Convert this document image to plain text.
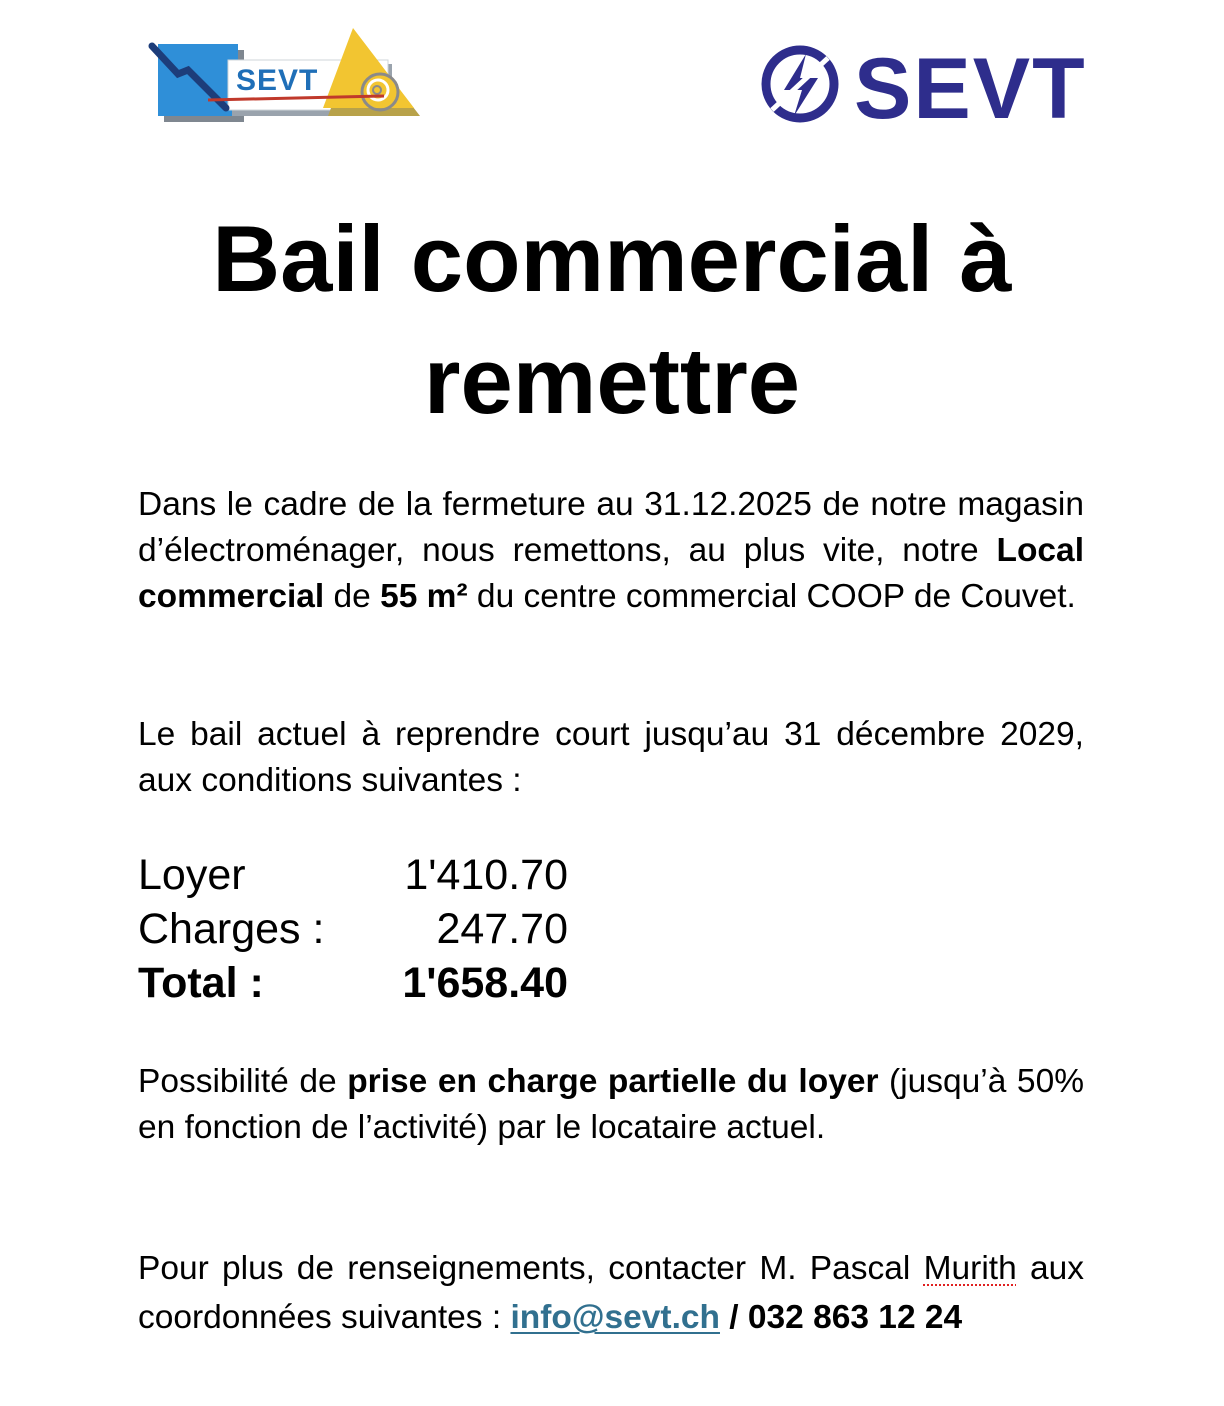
SEVT	SEVT
Bail commercial à
remettre

Dans le cadre de la fermeture au 31.12.2025 de notre magasin d’électroménager, nous remettons, au plus vite, notre Local commercial de 55 m² du centre commercial COOP de Couvet.

Le bail actuel à reprendre court jusqu’au 31 décembre 2029, aux conditions suivantes :

Loyer	1'410.70
Charges :	247.70
Total :	1'658.40

Possibilité de prise en charge partielle du loyer (jusqu’à 50% en fonction de l’activité) par le locataire actuel.

Pour plus de renseignements, contacter M. Pascal Murith aux coordonnées suivantes : info@sevt.ch / 032 863 12 24
